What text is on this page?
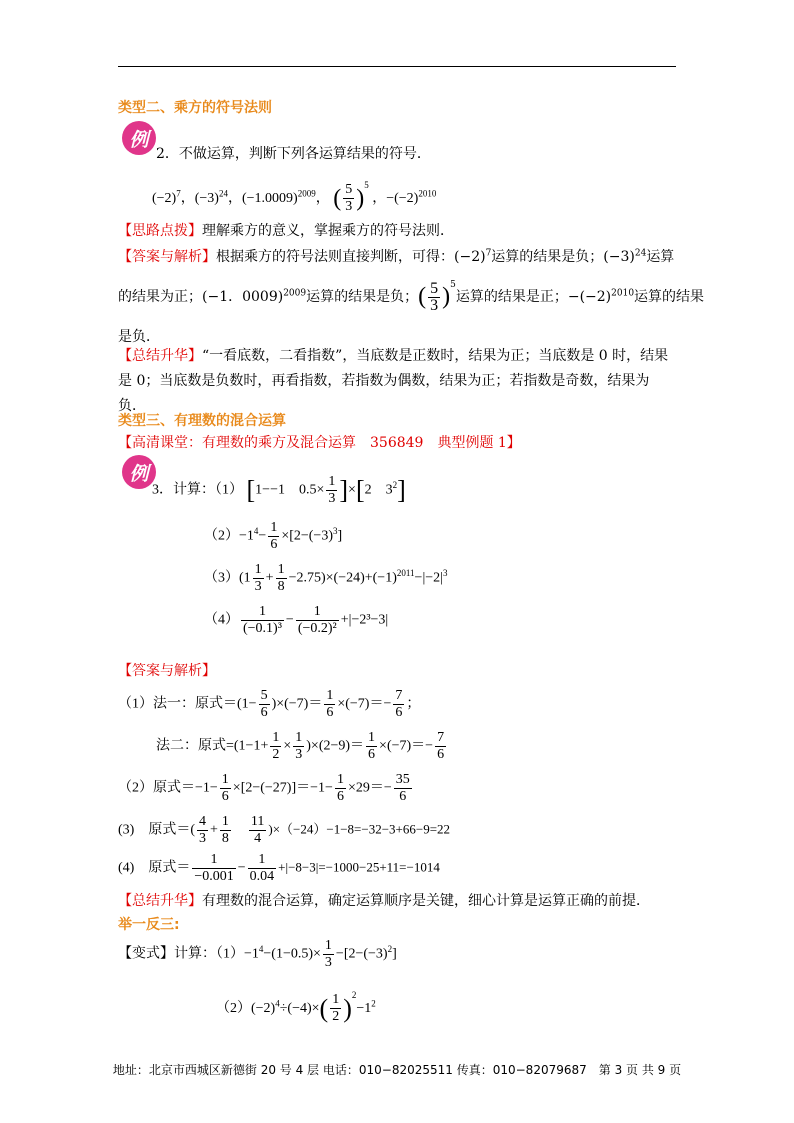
类型二、乘方的符号法则
例
2．不做运算，判断下列各运算结果的符号．
$(-2)^7$，$(-3)^{24}$，$(-1.0009)^{2009}$， ( $\frac{5}{3} )^5$ ，$-(-2)^{2010}$
【思路点拨】理解乘方的意义，掌握乘方的符号法则．
【答案与解析】根据乘方的符号法则直接判断，可得：$(-2)^7$运算的结果是负；$(-3)^{24}$运算
的结果为正；(−1．0009)$^{2009}$运算的结果是负；( $\frac{5}{3} )^5$运算的结果是正；$-(-2)^{2010}$运算的结果
是负．
【总结升华】“一看底数，二看指数”，当底数是正数时，结果为正；当底数是 0 时，结果是 0；当底数是负数时，再看指数，若指数为偶数，结果为正；若指数是奇数，结果为负．
类型三、有理数的混合运算
【高清课堂：有理数的乘方及混合运算　356849　典型例题 1】
例
3．计算：（1） [1−−1　$0.5\times \frac{1}{3} ]\times[2$　$3^2$]
$(2)-1^4- \frac{1}{6} \times[2-(-3)^3]$
$(3)(1 \frac{1}{3} + \frac{1}{8} -2.75)\times(-24)+(-1)^{2011}-|-2|^3$
$(4) \frac{1}{\text{(−0.1)³}} - \frac{1}{\text{(−0.2)²}} +|-2^3-3|$
【答案与解析】
（1）法一：原式$=(1- \frac{5}{6} )\times(-7)= \frac{1}{6} \times(-7)=- \frac{7}{6}$ ；
法二：原式$=(1-1+ \frac{1}{2} \times \frac{1}{3} )\times(2-9)= \frac{1}{6} \times(-7)=- \frac{7}{6}$
（2）原式$=-1- \frac{1}{6} \times[2-(-27)]=-1- \frac{1}{6} \times 29=- \frac{35}{6}$
(3)　原式＝( $\frac{4}{3} + \frac{1}{8}$
　 $\frac{11}{4} )\times(-24)-1-8=-32-3+66-9=22$
(4)　原式＝ $\frac{1}{-0.001} - \frac{1}{0.04} +|-8-3|=-1000-25+11=-1014$
【总结升华】有理数的混合运算，确定运算顺序是关键，细心计算是运算正确的前提．
举一反三:
【变式】计算：$(1)-1^4-(1-0.5)\times \frac{1}{3} -[2-(-3)^2]$
$(2)(-2)^4\div(-4)\times( \frac{1}{2} )^2-1^2$
地址：北京市西城区新德街 20 号 4 层 电话：010−82025511 传真：010−82079687　第 3 页 共 9 页
